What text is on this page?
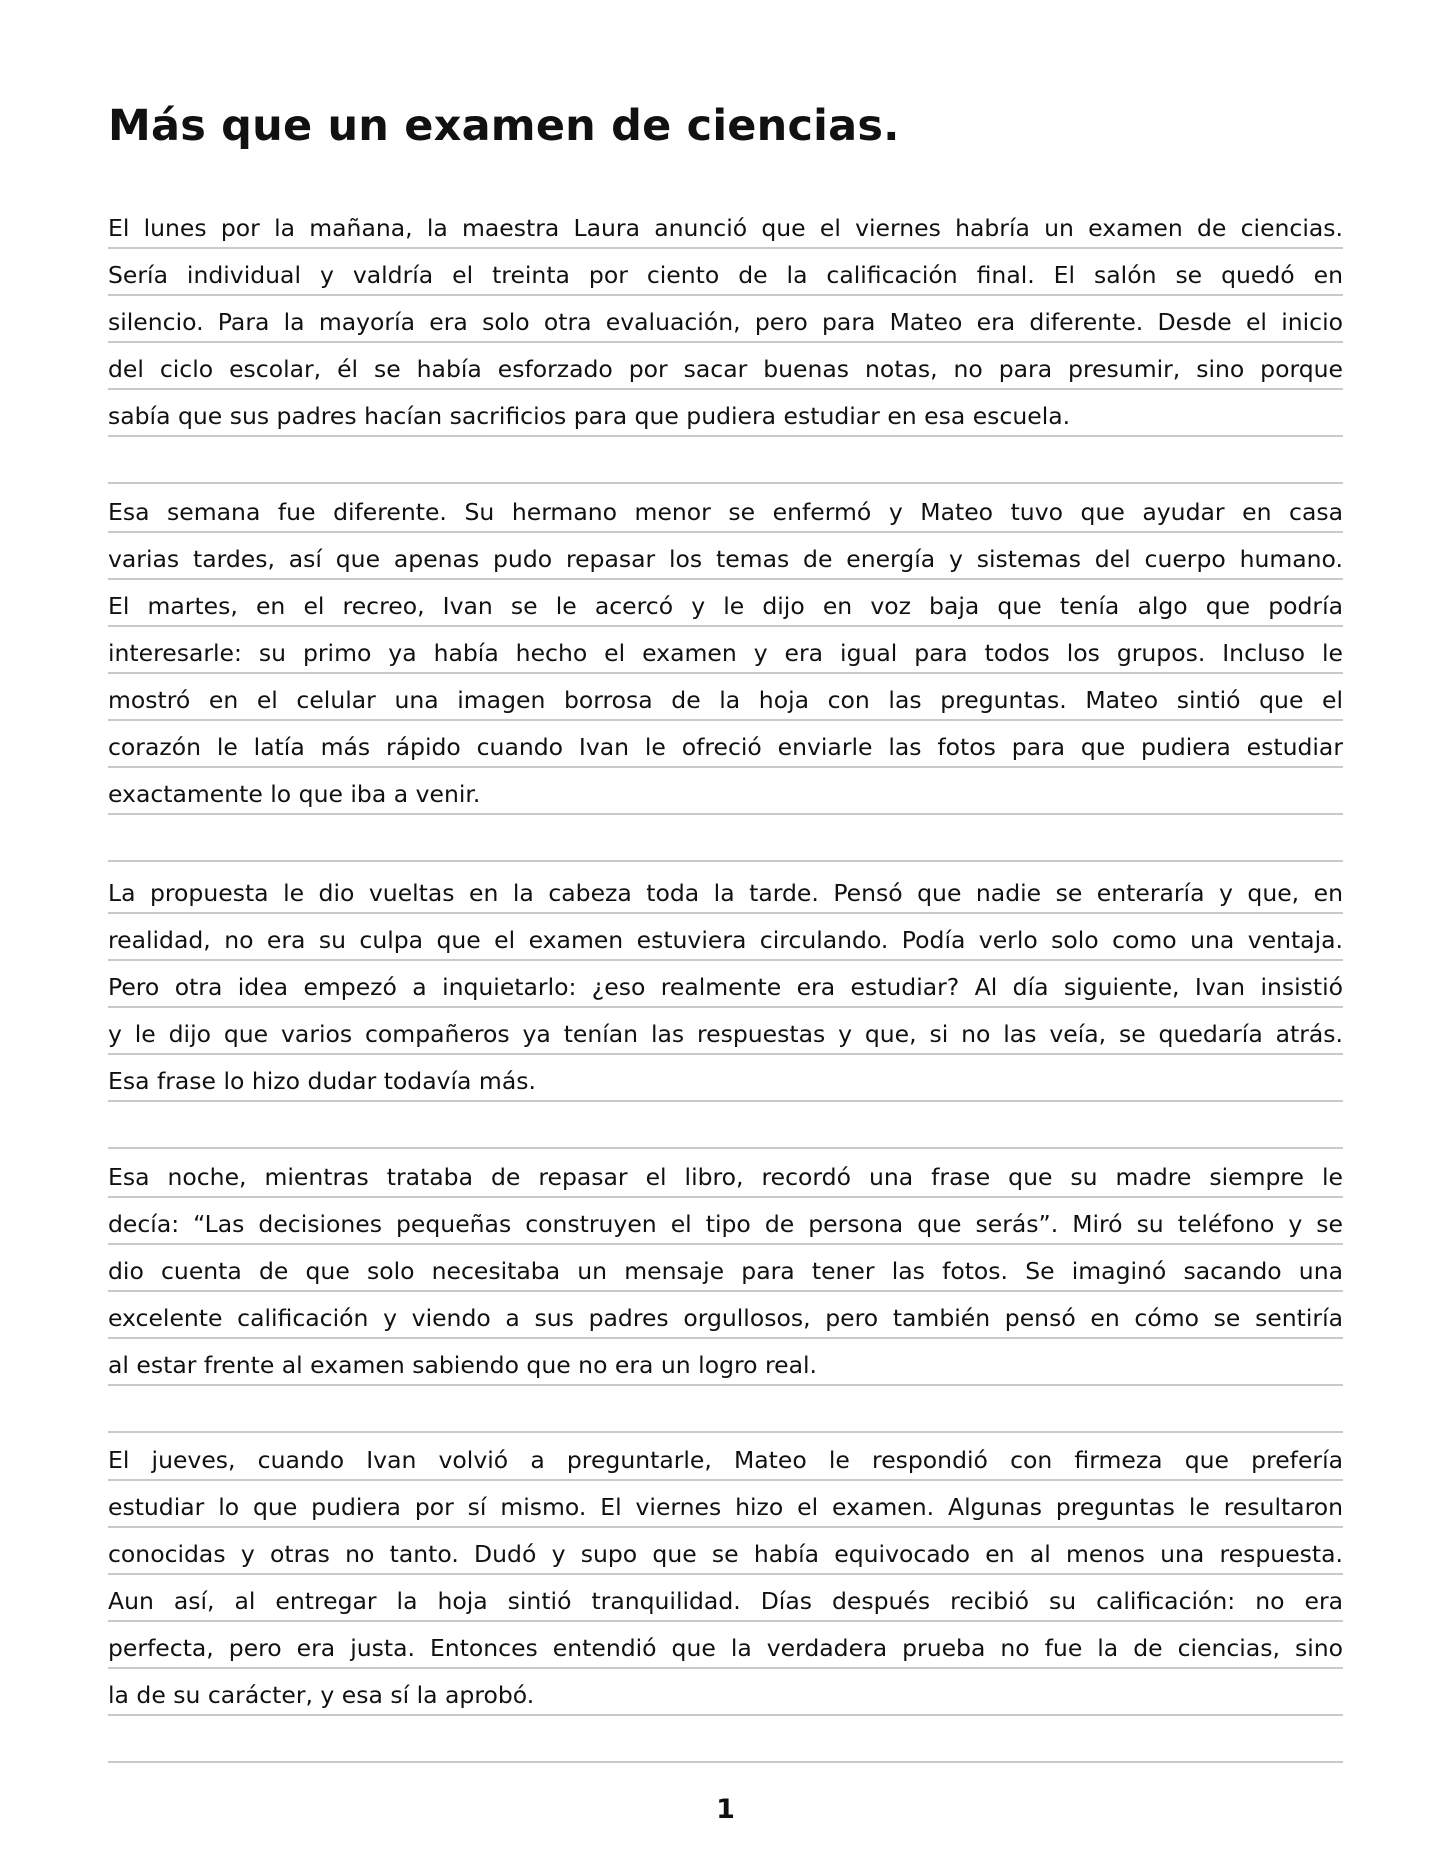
Más que un examen de ciencias.
El lunes por la mañana, la maestra Laura anunció que el viernes habría un examen de ciencias.
Sería individual y valdría el treinta por ciento de la calificación final. El salón se quedó en
silencio. Para la mayoría era solo otra evaluación, pero para Mateo era diferente. Desde el inicio
del ciclo escolar, él se había esforzado por sacar buenas notas, no para presumir, sino porque
sabía que sus padres hacían sacrificios para que pudiera estudiar en esa escuela.
Esa semana fue diferente. Su hermano menor se enfermó y Mateo tuvo que ayudar en casa
varias tardes, así que apenas pudo repasar los temas de energía y sistemas del cuerpo humano.
El martes, en el recreo, Ivan se le acercó y le dijo en voz baja que tenía algo que podría
interesarle: su primo ya había hecho el examen y era igual para todos los grupos. Incluso le
mostró en el celular una imagen borrosa de la hoja con las preguntas. Mateo sintió que el
corazón le latía más rápido cuando Ivan le ofreció enviarle las fotos para que pudiera estudiar
exactamente lo que iba a venir.
La propuesta le dio vueltas en la cabeza toda la tarde. Pensó que nadie se enteraría y que, en
realidad, no era su culpa que el examen estuviera circulando. Podía verlo solo como una ventaja.
Pero otra idea empezó a inquietarlo: ¿eso realmente era estudiar? Al día siguiente, Ivan insistió
y le dijo que varios compañeros ya tenían las respuestas y que, si no las veía, se quedaría atrás.
Esa frase lo hizo dudar todavía más.
Esa noche, mientras trataba de repasar el libro, recordó una frase que su madre siempre le
decía: “Las decisiones pequeñas construyen el tipo de persona que serás”. Miró su teléfono y se
dio cuenta de que solo necesitaba un mensaje para tener las fotos. Se imaginó sacando una
excelente calificación y viendo a sus padres orgullosos, pero también pensó en cómo se sentiría
al estar frente al examen sabiendo que no era un logro real.
El jueves, cuando Ivan volvió a preguntarle, Mateo le respondió con firmeza que prefería
estudiar lo que pudiera por sí mismo. El viernes hizo el examen. Algunas preguntas le resultaron
conocidas y otras no tanto. Dudó y supo que se había equivocado en al menos una respuesta.
Aun así, al entregar la hoja sintió tranquilidad. Días después recibió su calificación: no era
perfecta, pero era justa. Entonces entendió que la verdadera prueba no fue la de ciencias, sino
la de su carácter, y esa sí la aprobó.
1
